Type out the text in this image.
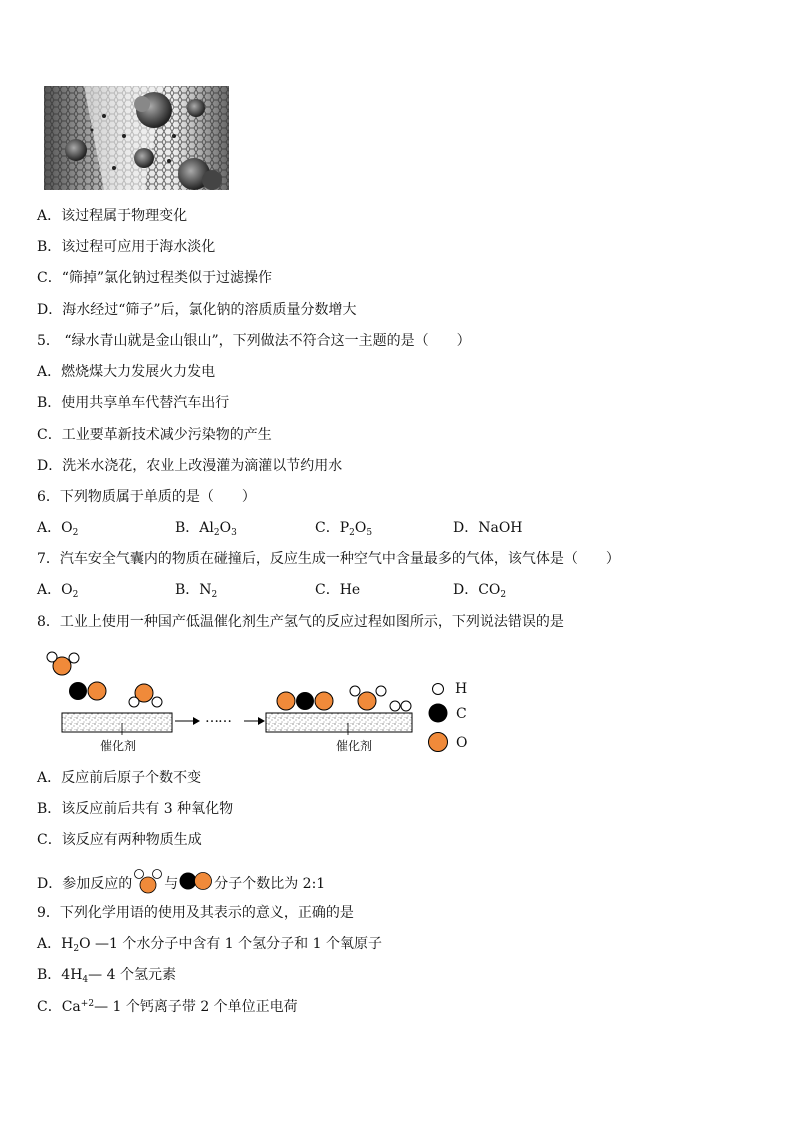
A．该过程属于物理变化
B．该过程可应用于海水淡化
C．“筛掉”氯化钠过程类似于过滤操作
D．海水经过“筛子”后，氯化钠的溶质质量分数增大
5． “绿水青山就是金山银山”，下列做法不符合这一主题的是（　　）
A．燃烧煤大力发展火力发电
B．使用共享单车代替汽车出行
C．工业要革新技术减少污染物的产生
D．洗米水浇花，农业上改漫灌为滴灌以节约用水
6．下列物质属于单质的是（　　）
A．$O_2$	B．$Al_2O_3$	C．$P_2O_5$	D．NaOH
7．汽车安全气囊内的物质在碰撞后，反应生成一种空气中含量最多的气体，该气体是（　　）
A．$O_2$	B．$N_2$	C．He	D．$CO_2$
8．工业上使用一种国产低温催化剂生产氢气的反应过程如图所示，下列说法错误的是
……
催化剂	催化剂
H
C
O
A．反应前后原子个数不变
B．该反应前后共有 3 种氧化物
C．该反应有两种物质生成
D．参加反应的 与	分子个数比为 2:1
9．下列化学用语的使用及其表示的意义，正确的是
A．$H_2O$ —1 个水分子中含有 1 个氢分子和 1 个氧原子
B．$4H_4—$ 4 个氢元素
C．$Ca^{+2}—$ 1 个钙离子带 2 个单位正电荷
